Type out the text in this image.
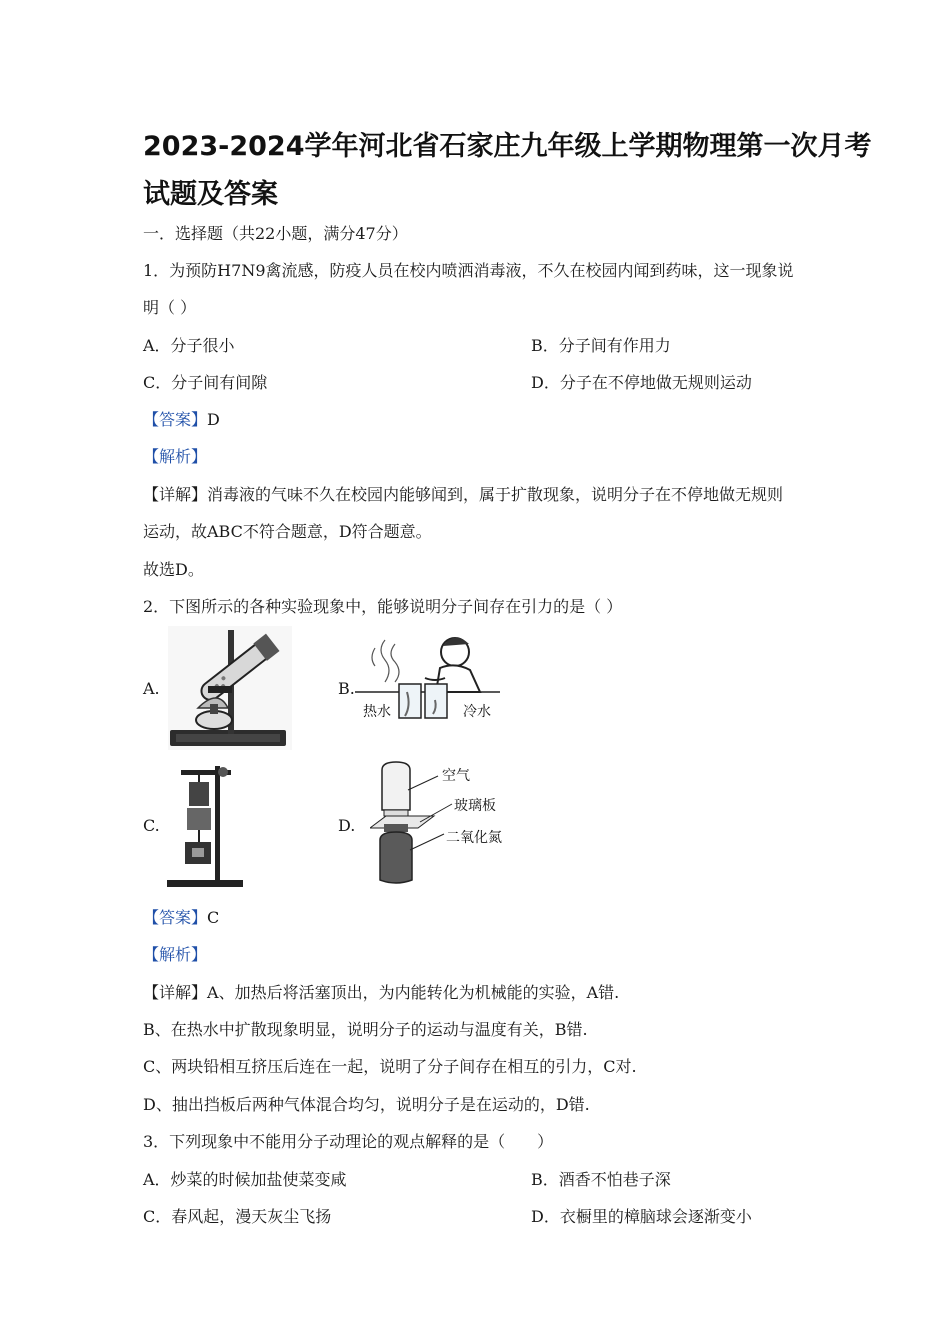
2023-2024学年河北省石家庄九年级上学期物理第一次月考
试题及答案
一．选择题（共22小题，满分47分）
1．为预防H7N9禽流感，防疫人员在校内喷洒消毒液，不久在校园内闻到药味，这一现象说
明（ ）
A．分子很小	B．分子间有作用力
C．分子间有间隙	D．分子在不停地做无规则运动
【答案】D
【解析】
【详解】消毒液的气味不久在校园内能够闻到，属于扩散现象，说明分子在不停地做无规则
运动，故ABC不符合题意，D符合题意。
故选D。
2．下图所示的各种实验现象中，能够说明分子间存在引力的是（ ）
A.	B.
C.	D.
热水	冷水
空气
玻璃板
二氧化氮
【答案】C
【解析】
【详解】A、加热后将活塞顶出，为内能转化为机械能的实验，A错.
B、在热水中扩散现象明显，说明分子的运动与温度有关，B错.
C、两块铅相互挤压后连在一起，说明了分子间存在相互的引力，C对.
D、抽出挡板后两种气体混合均匀，说明分子是在运动的，D错.
3．下列现象中不能用分子动理论的观点解释的是（　　）
A．炒菜的时候加盐使菜变咸	B．酒香不怕巷子深
C．春风起，漫天灰尘飞扬	D．衣橱里的樟脑球会逐渐变小
